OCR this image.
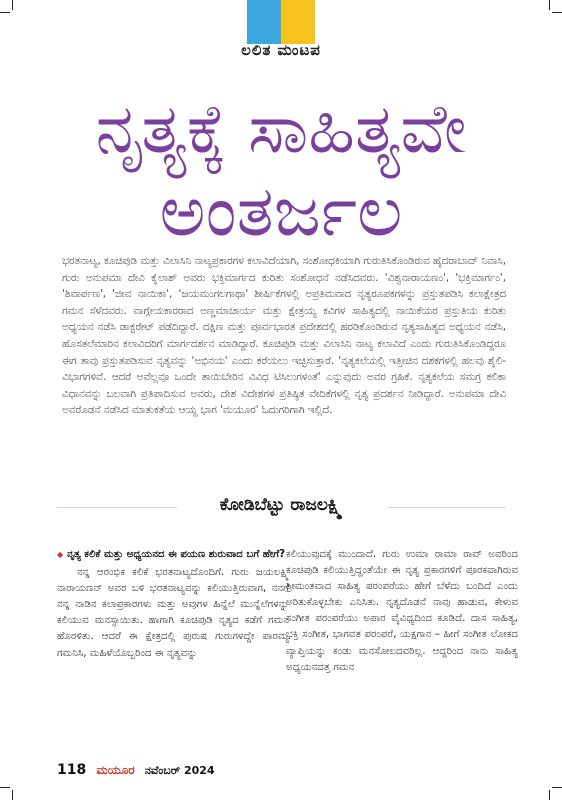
ಲಲಿತ ಮಂಟಪ
ನೃತ್ಯಕ್ಕೆ ಸಾಹಿತ್ಯವೇ
ಅಂತರ್ಜಲ
ಭರತನಾಟ್ಯ, ಕೂಚಿಪುಡಿ ಮತ್ತು ವಿಲಾಸಿನಿ ನಾಟ್ಯಪ್ರಕಾರಗಳ ಕಲಾವಿದೆಯಾಗಿ, ಸಂಶೋಧಕಿಯಾಗಿ ಗುರುತಿಸಿಕೊಂಡಿರುವ ಹೈದರಾಬಾದ್ ನಿವಾಸಿ, ಗುರು ಅನುಪಮಾ ದೇವಿ ಕೈಲಾಶ್ ಅವರು ಭಕ್ತಿಮಾರ್ಗದ ಕುರಿತು ಸಂಶೋಧನೆ ನಡೆಸಿದವರು. 'ವಿಶ್ವನಾರಾಯಣಂ', 'ಭಕ್ತಿಮಾರ್ಗಂ', 'ಶಿವಾರ್ಪಣ', 'ಜೀವ ನಾಯಿಕಾ', 'ಜಯಮಂಗಲಗಾಥಾ' ಶೀರ್ಷಿಕೆಗಳಲ್ಲಿ ಅಪ್ರತಿಮವಾದ ನೃತ್ಯರೂಪಕಗಳನ್ನು ಪ್ರಸ್ತುತಪಡಿಸಿ ಕಲಾಕ್ಷೇತ್ರದ ಗಮನ ಸೆಳೆದವರು. ವಾಗ್ಗೇಯಕಾರರಾದ ಅಣ್ಣಮಾಚಾರ್ಯ ಮತ್ತು ಕ್ಷೇತ್ರಯ್ಯ ಕವಿಗಳ ಸಾಹಿತ್ಯದಲ್ಲಿ ನಾಯಿಕೆಯರ ಪ್ರಸ್ತುತಿಯ ಕುರಿತು ಅಧ್ಯಯನ ನಡೆಸಿ ಡಾಕ್ಟರೇಟ್ ಪಡೆದಿದ್ದಾರೆ. ದಕ್ಷಿಣ ಮತ್ತು ಪೂರ್ವಭಾರತ ಪ್ರದೇಶದಲ್ಲಿ ಹರಡಿಕೊಂಡಿರುವ ನೃತ್ಯಸಾಹಿತ್ಯದ ಅಧ್ಯಯನ ನಡೆಸಿ, ಹೊಸತಲೆಮಾರಿನ ಕಲಾವಿದರಿಗೆ ಮಾರ್ಗದರ್ಶನ ಮಾಡಿದ್ದಾರೆ. ಕೂಚಿಪುಡಿ ಮತ್ತು ವಿಲಾಸಿನಿ ನಾಟ್ಯ ಕಲಾವಿದೆ ಎಂದು ಗುರುತಿಸಿಕೊಂಡಿದ್ದರೂ ಈಗ ತಾವು ಪ್ರಸ್ತುತಪಡಿಸುವ ನೃತ್ಯವನ್ನು 'ಅಭಿನಯ' ಎಂದು ಕರೆಯಲು ಇಚ್ಛಿಸುತ್ತಾರೆ. 'ನೃತ್ಯಕಲೆಯಲ್ಲಿ ಇತ್ತೀಚಿನ ದಶಕಗಳಲ್ಲಿ ಹಲವು ಶೈಲಿ-ವಿಭಾಗಗಳಿವೆ. ಆದರೆ ಅವೆಲ್ಲವೂ ಒಂದೇ ತಾಯಿಬೇರಿನ ವಿವಿಧ ಟಿಸಿಲುಗಳಂತೆ' ಎನ್ನುವುದು ಅವರ ಗ್ರಹಿಕೆ. ನೃತ್ಯಕಲೆಯ ಸಮಗ್ರ ಕಲಿಕಾ ವಿಧಾನವನ್ನು ಬಲವಾಗಿ ಪ್ರತಿಪಾದಿಸುವ ಅವರು, ದೇಶ ವಿದೇಶಗಳ ಪ್ರತಿಷ್ಠಿತ ವೇದಿಕೆಗಳಲ್ಲಿ ನೃತ್ಯ ಪ್ರದರ್ಶನ ನೀಡಿದ್ದಾರೆ. ಅನುಪಮಾ ದೇವಿ ಅವರೊಡನೆ ನಡೆಸಿದ ಮಾತುಕತೆಯ ಆಯ್ದ ಭಾಗ 'ಮಯೂರ' ಓದುಗರಿಗಾಗಿ ಇಲ್ಲಿದೆ.
ಕೋಡಿಬೆಟ್ಟು ರಾಜಲಕ್ಷ್ಮಿ

◆ ನೃತ್ಯ ಕಲಿಕೆ ಮತ್ತು ಅಧ್ಯಯನದ ಈ ಪಯಣ ಶುರುವಾದ ಬಗೆ ಹೇಗೆ?

ನನ್ನ ಆರಂಭಿಕ ಕಲಿಕೆ ಭರತನಾಟ್ಯದೊಂದಿಗೆ. ಗುರು ಜಯಲಕ್ಷ್ಮಿ ನಾರಾಯಣನ್ ಅವರ ಬಳಿ ಭರತನಾಟ್ಯವನ್ನು ಕಲಿಯುತ್ತಿರುವಾಗ, ನನಗೆ ನನ್ನ ನಾಡಿನ ಕಲಾಪ್ರಕಾರಗಳು ಮತ್ತು ಅವುಗಳ ಹಿನ್ನೆಲೆ ಮುನ್ನೆಲೆಗಳನ್ನು ಕಲಿಯುವ ಮನಸ್ಸಾಯಿತು. ಹಾಗಾಗಿ ಕೂಚಿಪುಡಿ ನೃತ್ಯದ ಕಡೆಗೆ ಗಮನ ಹೊರಳಿತು. ಆದರೆ ಈ ಕ್ಷೇತ್ರದಲ್ಲಿ ಪುರುಷ ಗುರುಗಳದ್ದೇ ಪಾರಮ್ಯ ಗಮನಿಸಿ, ಮಹಿಳೆಯೊಬ್ಬರಿಂದ ಈ ನೃತ್ಯವನ್ನು

ಕಲಿಯುವುದಕ್ಕೆ ಮುಂದಾದೆ. ಗುರು ಉಮಾ ರಾಮಾ ರಾವ್ ಅವರಿಂದ ಕೂಚಿಪುಡಿ ಕಲಿಯುತ್ತಿದ್ದಂತೆಯೇ ಈ ನೃತ್ಯ ಪ್ರಕಾರಗಳಿಗೆ ಪೂರಕವಾಗಿರುವ ಶ್ರೀಮಂತವಾದ ಸಾಹಿತ್ಯ ಪರಂಪರೆಯು ಹೇಗೆ ಬೆಳೆದು ಬಂದಿದೆ ಎಂದು ಅರಿತುಕೊಳ್ಳಬೇಕು ಎನಿಸಿತು. ನೃತ್ಯದೊಡನೆ ನಾವು ಹಾಡುವ, ಕೇಳುವ ಸಂಗೀತ ಪರಂಪರೆಯು ಅಪಾರ ವೈವಿಧ್ಯದಿಂದ ಕೂಡಿದೆ. ದಾಸ ಸಾಹಿತ್ಯ, ಭಕ್ತಿ ಸಂಗೀತ, ಭಾಗವತ ಪರಂಪರೆ, ಯಕ್ಷಗಾನ – ಹೀಗೆ ಸಂಗೀತ ಲೋಕದ ವ್ಯಾಪ್ತಿಯನ್ನು ಕಂಡು ಮನಸೋಲದವರಿಲ್ಲ. ಆದ್ದರಿಂದ ನಾನು ಸಾಹಿತ್ಯ ಅಧ್ಯಯನದತ್ತ ಗಮನ

118 ಮಯೂರ ನವೆಂಬರ್ 2024
